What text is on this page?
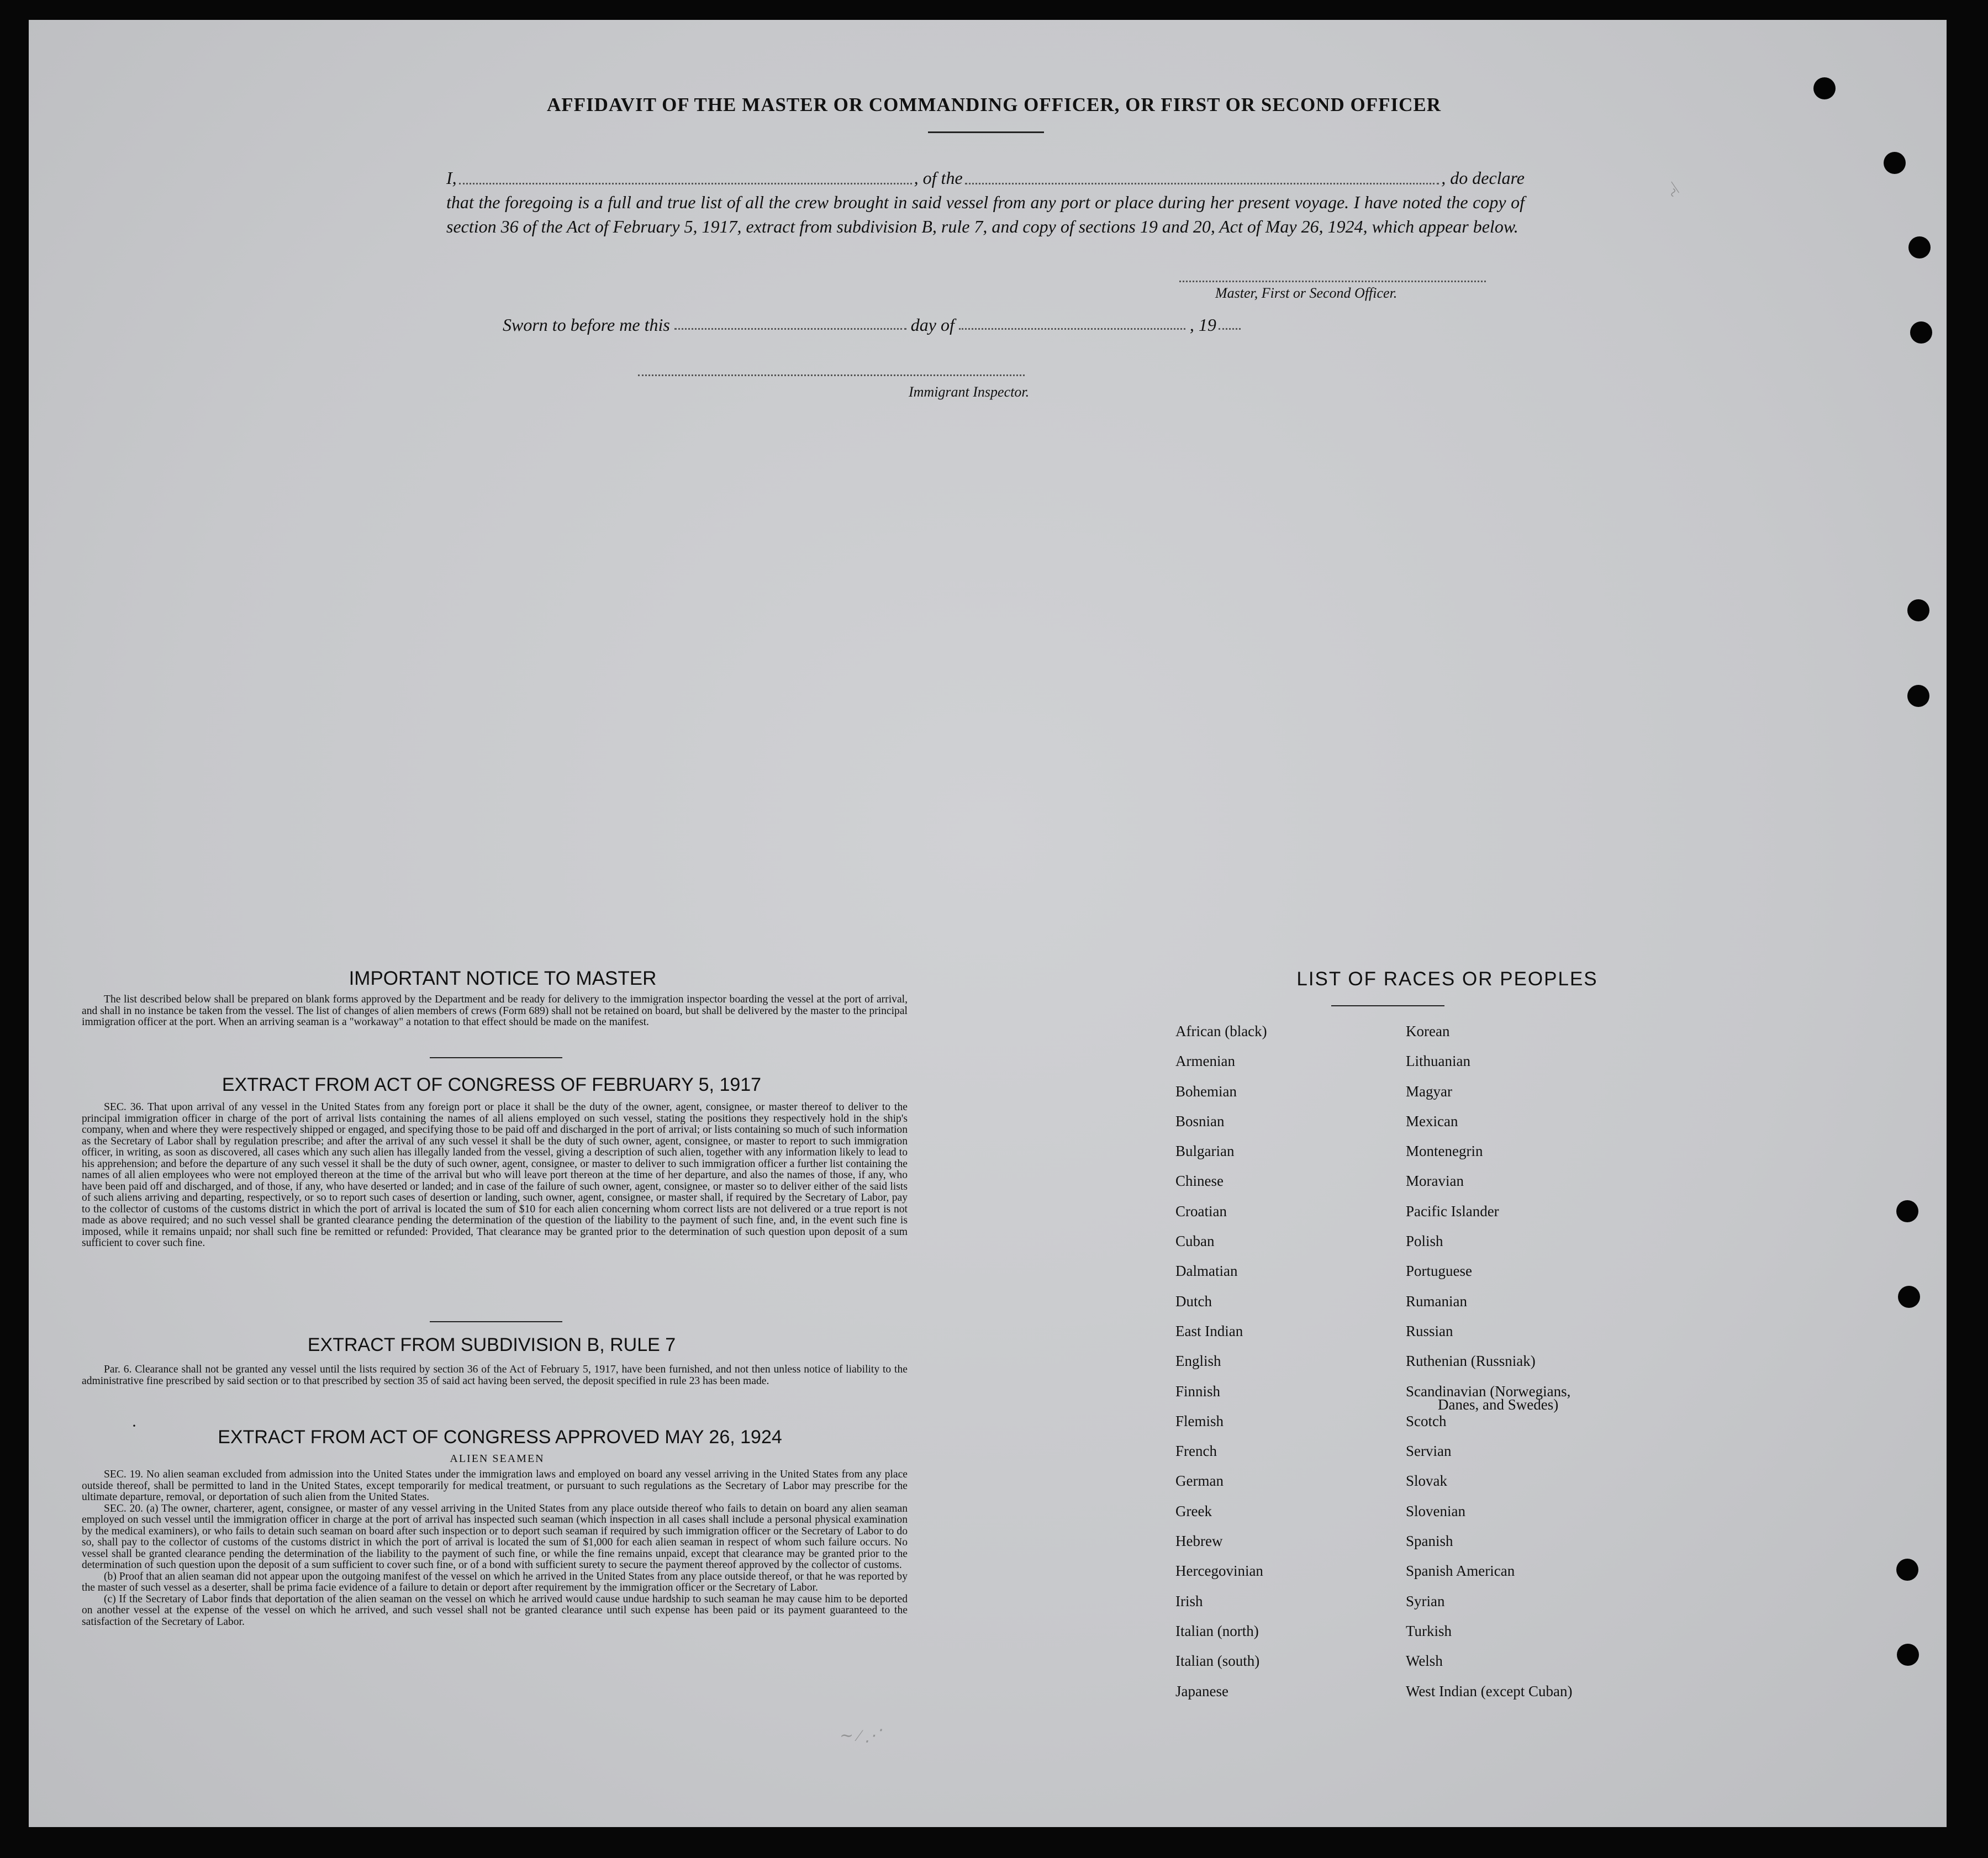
AFFIDAVIT OF THE MASTER OR COMMANDING OFFICER, OR FIRST OR SECOND OFFICER
I,	, of the	, do declare
that the foregoing is a full and true list of all the crew brought in said vessel from any port or place during her present voyage. I have noted the copy of section 36 of the Act of February 5, 1917, extract from subdivision B, rule 7, and copy of sections 19 and 20, Act of May 26, 1924, which appear below.
Master, First or Second Officer.
Sworn to before me this	day of	, 19
Immigrant Inspector.
IMPORTANT NOTICE TO MASTER

The list described below shall be prepared on blank forms approved by the Department and be ready for delivery to the immigration inspector boarding the vessel at the port of arrival, and shall in no instance be taken from the vessel. The list of changes of alien members of crews (Form 689) shall not be retained on board, but shall be delivered by the master to the principal immigration officer at the port. When an arriving seaman is a "workaway" a notation to that effect should be made on the manifest.

EXTRACT FROM ACT OF CONGRESS OF FEBRUARY 5, 1917

SEC. 36. That upon arrival of any vessel in the United States from any foreign port or place it shall be the duty of the owner, agent, consignee, or master thereof to deliver to the principal immigration officer in charge of the port of arrival lists containing the names of all aliens employed on such vessel, stating the positions they respectively hold in the ship's company, when and where they were respectively shipped or engaged, and specifying those to be paid off and discharged in the port of arrival; or lists containing so much of such information as the Secretary of Labor shall by regulation prescribe; and after the arrival of any such vessel it shall be the duty of such owner, agent, consignee, or master to report to such immigration officer, in writing, as soon as discovered, all cases which any such alien has illegally landed from the vessel, giving a description of such alien, together with any information likely to lead to his apprehension; and before the departure of any such vessel it shall be the duty of such owner, agent, consignee, or master to deliver to such immigration officer a further list containing the names of all alien employees who were not employed thereon at the time of the arrival but who will leave port thereon at the time of her departure, and also the names of those, if any, who have been paid off and discharged, and of those, if any, who have deserted or landed; and in case of the failure of such owner, agent, consignee, or master so to deliver either of the said lists of such aliens arriving and departing, respectively, or so to report such cases of desertion or landing, such owner, agent, consignee, or master shall, if required by the Secretary of Labor, pay to the collector of customs of the customs district in which the port of arrival is located the sum of $10 for each alien concerning whom correct lists are not delivered or a true report is not made as above required; and no such vessel shall be granted clearance pending the determination of the question of the liability to the payment of such fine, and, in the event such fine is imposed, while it remains unpaid; nor shall such fine be remitted or refunded: Provided, That clearance may be granted prior to the determination of such question upon deposit of a sum sufficient to cover such fine.

EXTRACT FROM SUBDIVISION B, RULE 7

Par. 6. Clearance shall not be granted any vessel until the lists required by section 36 of the Act of February 5, 1917, have been furnished, and not then unless notice of liability to the administrative fine prescribed by said section or to that prescribed by section 35 of said act having been served, the deposit specified in rule 23 has been made.

·
EXTRACT FROM ACT OF CONGRESS APPROVED MAY 26, 1924
ALIEN SEAMEN

SEC. 19. No alien seaman excluded from admission into the United States under the immigration laws and employed on board any vessel arriving in the United States from any place outside thereof, shall be permitted to land in the United States, except temporarily for medical treatment, or pursuant to such regulations as the Secretary of Labor may prescribe for the ultimate departure, removal, or deportation of such alien from the United States.

SEC. 20. (a) The owner, charterer, agent, consignee, or master of any vessel arriving in the United States from any place outside thereof who fails to detain on board any alien seaman employed on such vessel until the immigration officer in charge at the port of arrival has inspected such seaman (which inspection in all cases shall include a personal physical examination by the medical examiners), or who fails to detain such seaman on board after such inspection or to deport such seaman if required by such immigration officer or the Secretary of Labor to do so, shall pay to the collector of customs of the customs district in which the port of arrival is located the sum of $1,000 for each alien seaman in respect of whom such failure occurs. No vessel shall be granted clearance pending the determination of the liability to the payment of such fine, or while the fine remains unpaid, except that clearance may be granted prior to the determination of such question upon the deposit of a sum sufficient to cover such fine, or of a bond with sufficient surety to secure the payment thereof approved by the collector of customs.

(b) Proof that an alien seaman did not appear upon the outgoing manifest of the vessel on which he arrived in the United States from any place outside thereof, or that he was reported by the master of such vessel as a deserter, shall be prima facie evidence of a failure to detain or deport after requirement by the immigration officer or the Secretary of Labor.

(c) If the Secretary of Labor finds that deportation of the alien seaman on the vessel on which he arrived would cause undue hardship to such seaman he may cause him to be deported on another vessel at the expense of the vessel on which he arrived, and such vessel shall not be granted clearance until such expense has been paid or its payment guaranteed to the satisfaction of the Secretary of Labor.

LIST OF RACES OR PEOPLES
African (black)
Armenian
Bohemian
Bosnian
Bulgarian
Chinese
Croatian
Cuban
Dalmatian
Dutch
East Indian
English
Finnish
Flemish
French
German
Greek
Hebrew
Hercegovinian
Irish
Italian (north)
Italian (south)
Japanese
Korean
Lithuanian
Magyar
Mexican
Montenegrin
Moravian
Pacific Islander
Polish
Portuguese
Rumanian
Russian
Ruthenian (Russniak)
Scandinavian (Norwegians,
Danes, and Swedes)
Scotch
Servian
Slovak
Slovenian
Spanish
Spanish American
Syrian
Turkish
Welsh
West Indian (except Cuban)
~⁄
∼ ⁄ ⋰
